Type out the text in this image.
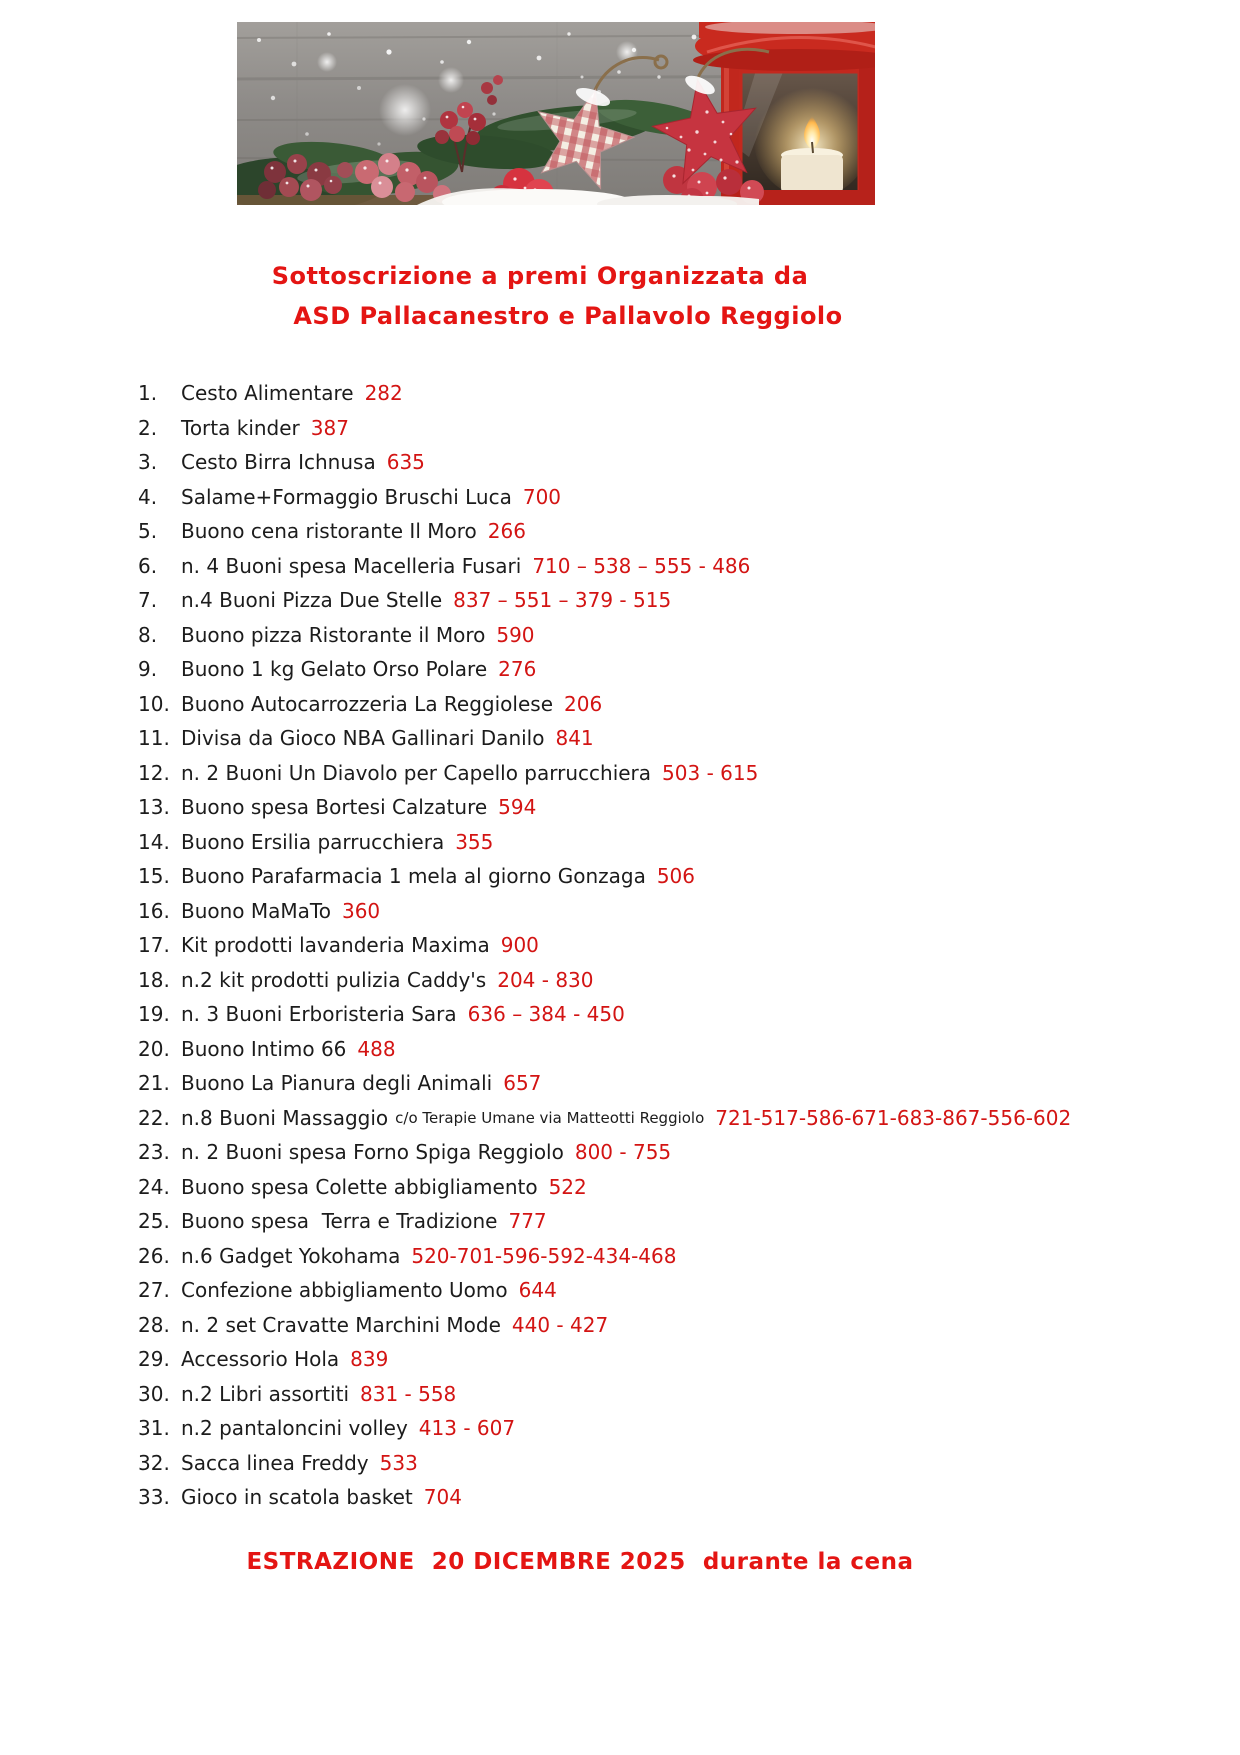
Sottoscrizione a premi Organizzata da
ASD Pallacanestro e Pallavolo Reggiolo
1.	Cesto Alimentare 282
2.	Torta kinder 387
3.	Cesto Birra Ichnusa 635
4.	Salame+Formaggio Bruschi Luca 700
5.	Buono cena ristorante Il Moro 266
6.	n. 4 Buoni spesa Macelleria Fusari 710 – 538 – 555 - 486
7.	n.4 Buoni Pizza Due Stelle 837 – 551 – 379 - 515
8.	Buono pizza Ristorante il Moro 590
9.	Buono 1 kg Gelato Orso Polare 276
10. Buono Autocarrozzeria La Reggiolese 206
11. Divisa da Gioco NBA Gallinari Danilo 841
12. n. 2 Buoni Un Diavolo per Capello parrucchiera 503 - 615
13. Buono spesa Bortesi Calzature 594
14. Buono Ersilia parrucchiera 355
15. Buono Parafarmacia 1 mela al giorno Gonzaga 506
16. Buono MaMaTo 360
17. Kit prodotti lavanderia Maxima 900
18. n.2 kit prodotti pulizia Caddy's 204 - 830
19. n. 3 Buoni Erboristeria Sara 636 – 384 - 450
20. Buono Intimo 66 488
21. Buono La Pianura degli Animali 657
22. n.8 Buoni Massaggio c/o Terapie Umane via Matteotti Reggiolo 721-517-586-671-683-867-556-602
23. n. 2 Buoni spesa Forno Spiga Reggiolo 800 - 755
24. Buono spesa Colette abbigliamento 522
25. Buono spesa  Terra e Tradizione 777
26. n.6 Gadget Yokohama 520-701-596-592-434-468
27. Confezione abbigliamento Uomo 644
28. n. 2 set Cravatte Marchini Mode 440 - 427
29. Accessorio Hola 839
30. n.2 Libri assortiti 831 - 558
31. n.2 pantaloncini volley 413 - 607
32. Sacca linea Freddy 533
33. Gioco in scatola basket 704
ESTRAZIONE  20 DICEMBRE 2025  durante la cena
